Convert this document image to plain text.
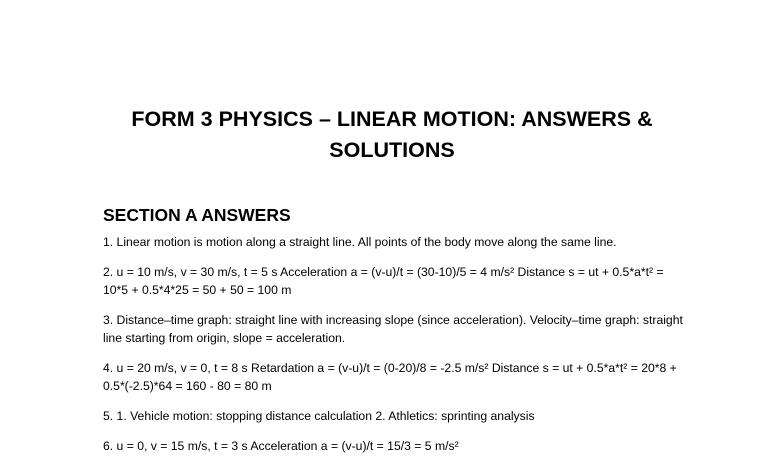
FORM 3 PHYSICS – LINEAR MOTION: ANSWERS &
SOLUTIONS
SECTION A ANSWERS
1. Linear motion is motion along a straight line. All points of the body move along the same line.
2. u = 10 m/s, v = 30 m/s, t = 5 s Acceleration a = (v-u)/t = (30-10)/5 = 4 m/s² Distance s = ut + 0.5*a*t² = 10*5 + 0.5*4*25 = 50 + 50 = 100 m
3. Distance–time graph: straight line with increasing slope (since acceleration). Velocity–time graph: straight line starting from origin, slope = acceleration.
4. u = 20 m/s, v = 0, t = 8 s Retardation a = (v-u)/t = (0-20)/8 = -2.5 m/s² Distance s = ut + 0.5*a*t² = 20*8 + 0.5*(-2.5)*64 = 160 - 80 = 80 m
5. 1. Vehicle motion: stopping distance calculation 2. Athletics: sprinting analysis
6. u = 0, v = 15 m/s, t = 3 s Acceleration a = (v-u)/t = 15/3 = 5 m/s²
